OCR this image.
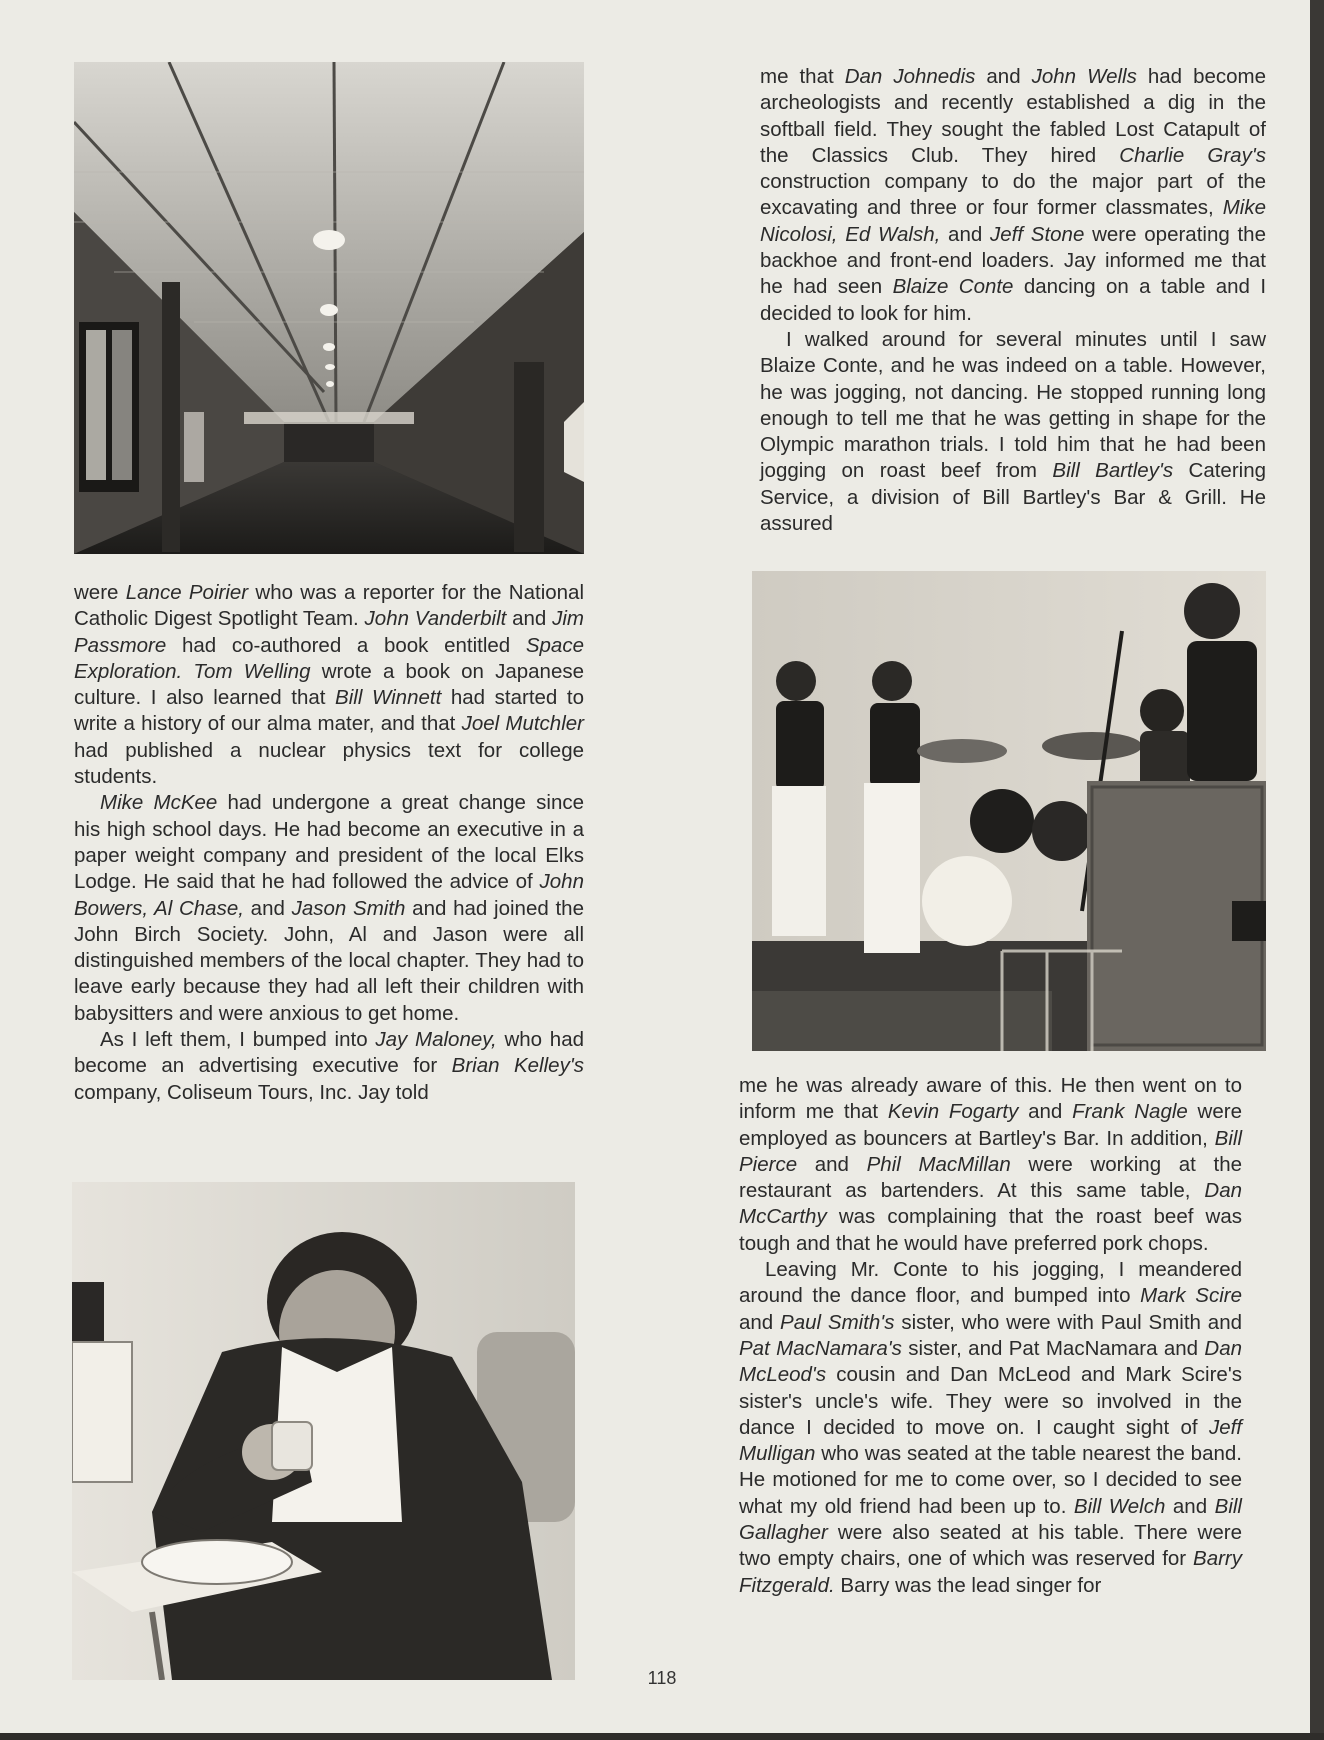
were Lance Poirier who was a reporter for the National Catholic Digest Spotlight Team. John Vanderbilt and Jim Passmore had co-authored a book entitled Space Exploration. Tom Welling wrote a book on Japanese culture. I also learned that Bill Winnett had started to write a history of our alma mater, and that Joel Mutchler had published a nuclear physics text for college students.

Mike McKee had undergone a great change since his high school days. He had become an executive in a paper weight company and president of the local Elks Lodge. He said that he had followed the advice of John Bowers, Al Chase, and Jason Smith and had joined the John Birch Society. John, Al and Jason were all distinguished members of the local chapter. They had to leave early because they had all left their children with babysitters and were anxious to get home.

As I left them, I bumped into Jay Maloney, who had become an advertising executive for Brian Kelley's company, Coliseum Tours, Inc. Jay told

me that Dan Johnedis and John Wells had become archeologists and recently established a dig in the softball field. They sought the fabled Lost Catapult of the Classics Club. They hired Charlie Gray's construction company to do the major part of the excavating and three or four former classmates, Mike Nicolosi, Ed Walsh, and Jeff Stone were operating the backhoe and front-end loaders. Jay informed me that he had seen Blaize Conte dancing on a table and I decided to look for him.

I walked around for several minutes until I saw Blaize Conte, and he was indeed on a table. However, he was jogging, not dancing. He stopped running long enough to tell me that he was getting in shape for the Olympic marathon trials. I told him that he had been jogging on roast beef from Bill Bartley's Catering Service, a division of Bill Bartley's Bar & Grill. He assured

me he was already aware of this. He then went on to inform me that Kevin Fogarty and Frank Nagle were employed as bouncers at Bartley's Bar. In addition, Bill Pierce and Phil MacMillan were working at the restaurant as bartenders. At this same table, Dan McCarthy was complaining that the roast beef was tough and that he would have preferred pork chops.

Leaving Mr. Conte to his jogging, I meandered around the dance floor, and bumped into Mark Scire and Paul Smith's sister, who were with Paul Smith and Pat MacNamara's sister, and Pat MacNamara and Dan McLeod's cousin and Dan McLeod and Mark Scire's sister's uncle's wife. They were so involved in the dance I decided to move on. I caught sight of Jeff Mulligan who was seated at the table nearest the band. He motioned for me to come over, so I decided to see what my old friend had been up to. Bill Welch and Bill Gallagher were also seated at his table. There were two empty chairs, one of which was reserved for Barry Fitzgerald. Barry was the lead singer for

118
